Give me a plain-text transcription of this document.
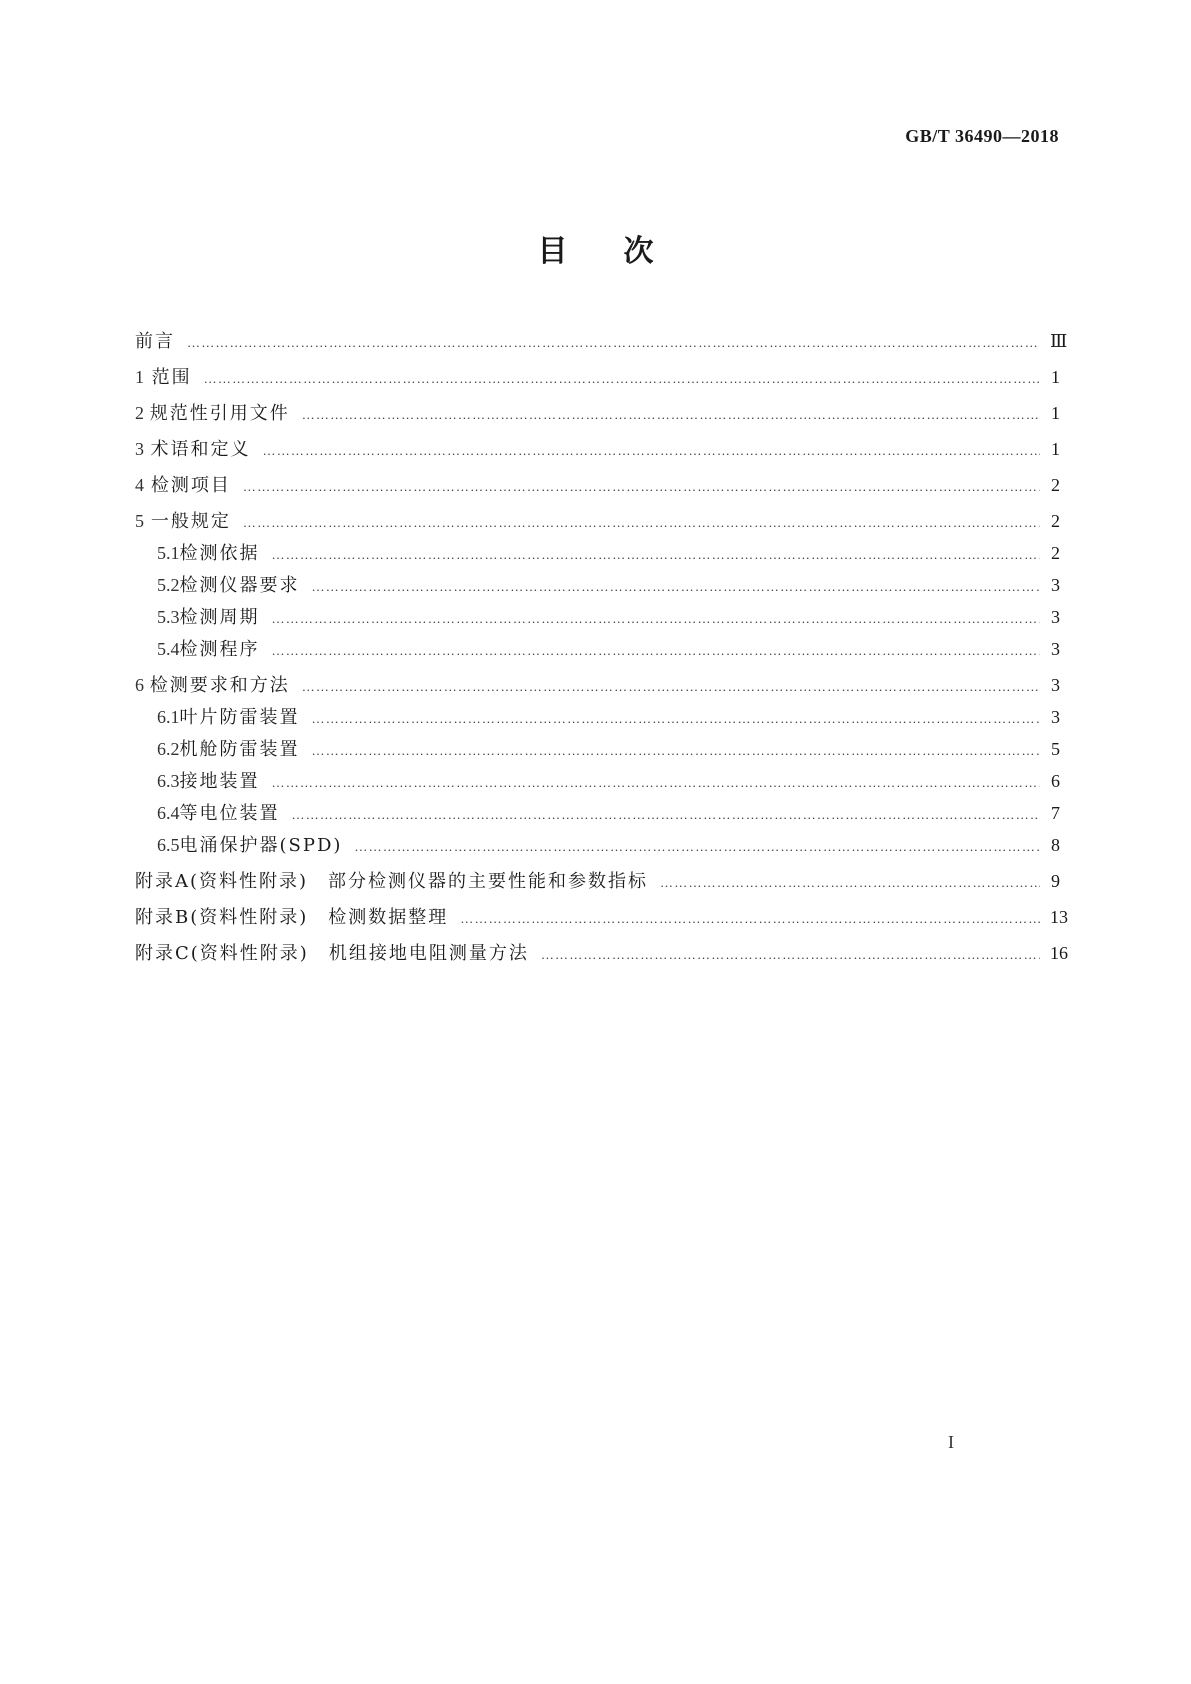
GB/T 36490—2018
目次
前言 ……………………………………………………………………………………………………………………………………………………………………………………………………………………………………………………………………………………………………………	Ⅲ
1 范围 ……………………………………………………………………………………………………………………………………………………………………………………………………………………………………………………………………………………………………………	1
2 规范性引用文件 ……………………………………………………………………………………………………………………………………………………………………………………………………………………………………………………………………………………………………………	1
3 术语和定义 ……………………………………………………………………………………………………………………………………………………………………………………………………………………………………………………………………………………………………………	1
4 检测项目 ……………………………………………………………………………………………………………………………………………………………………………………………………………………………………………………………………………………………………………	2
5 一般规定 ……………………………………………………………………………………………………………………………………………………………………………………………………………………………………………………………………………………………………………	2
5.1 检测依据 ……………………………………………………………………………………………………………………………………………………………………………………………………………………………………………………………………………………………………………	2
5.2 检测仪器要求 ……………………………………………………………………………………………………………………………………………………………………………………………………………………………………………………………………………………………………………	3
5.3 检测周期 ……………………………………………………………………………………………………………………………………………………………………………………………………………………………………………………………………………………………………………	3
5.4 检测程序 ……………………………………………………………………………………………………………………………………………………………………………………………………………………………………………………………………………………………………………	3
6 检测要求和方法 ……………………………………………………………………………………………………………………………………………………………………………………………………………………………………………………………………………………………………………	3
6.1 叶片防雷装置 ……………………………………………………………………………………………………………………………………………………………………………………………………………………………………………………………………………………………………………	3
6.2 机舱防雷装置 ……………………………………………………………………………………………………………………………………………………………………………………………………………………………………………………………………………………………………………	5
6.3 接地装置 ……………………………………………………………………………………………………………………………………………………………………………………………………………………………………………………………………………………………………………	6
6.4 等电位装置 ……………………………………………………………………………………………………………………………………………………………………………………………………………………………………………………………………………………………………………	7
6.5 电涌保护器(SPD) ……………………………………………………………………………………………………………………………………………………………………………………………………………………………………………………………………………………………………………	8
附录A(资料性附录)　部分检测仪器的主要性能和参数指标 ……………………………………………………………………………………………………………………………………………………………………………………………………………………………………………………………………………………………………………	9
附录B(资料性附录)　检测数据整理 ……………………………………………………………………………………………………………………………………………………………………………………………………………………………………………………………………………………………………………	13
附录C(资料性附录)　机组接地电阻测量方法 ……………………………………………………………………………………………………………………………………………………………………………………………………………………………………………………………………………………………………………	16
I
